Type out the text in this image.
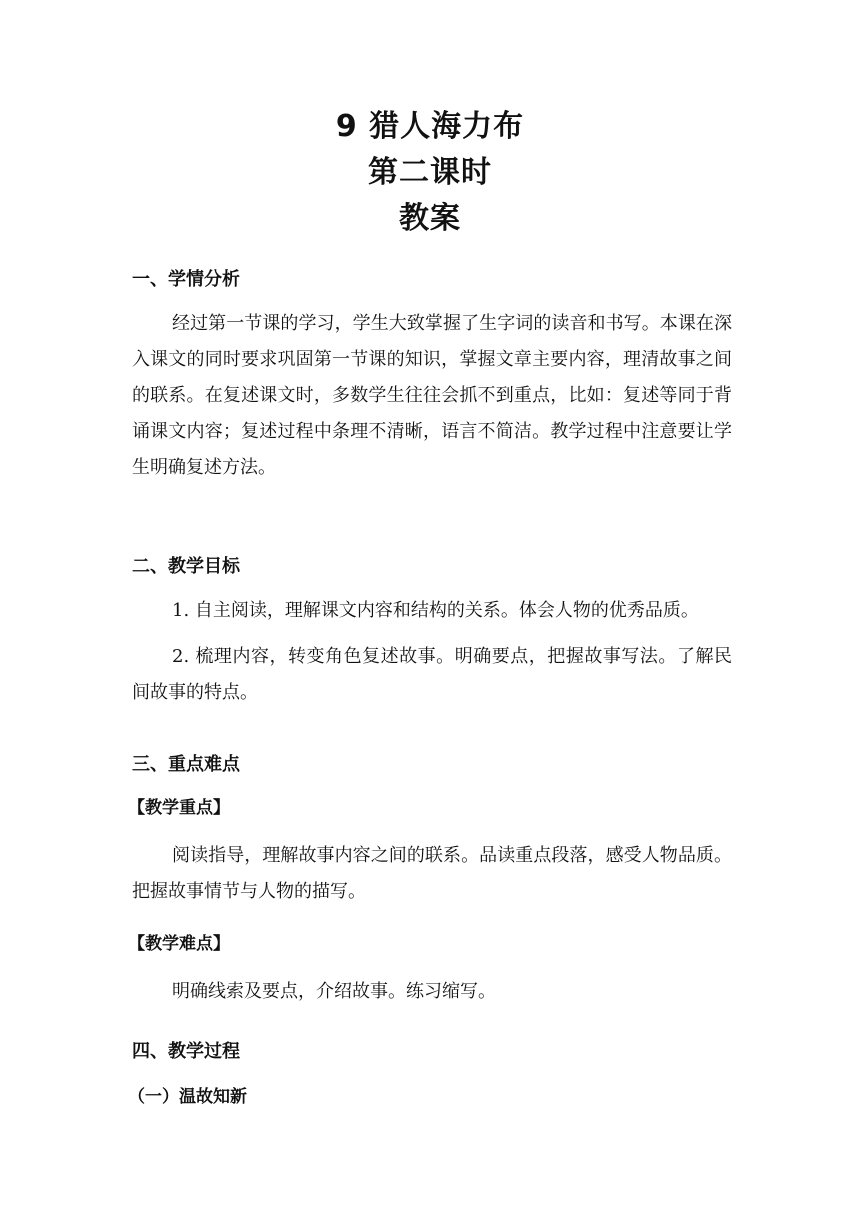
9 猎人海力布
第二课时
教案
一、学情分析
经过第一节课的学习，学生大致掌握了生字词的读音和书写。本课在深入课文的同时要求巩固第一节课的知识，掌握文章主要内容，理清故事之间的联系。在复述课文时，多数学生往往会抓不到重点，比如：复述等同于背诵课文内容；复述过程中条理不清晰，语言不简洁。教学过程中注意要让学生明确复述方法。
二、教学目标
1. 自主阅读，理解课文内容和结构的关系。体会人物的优秀品质。
2. 梳理内容，转变角色复述故事。明确要点，把握故事写法。了解民间故事的特点。
三、重点难点
【教学重点】
阅读指导，理解故事内容之间的联系。品读重点段落，感受人物品质。把握故事情节与人物的描写。
【教学难点】
明确线索及要点，介绍故事。练习缩写。
四、教学过程
（一）温故知新
